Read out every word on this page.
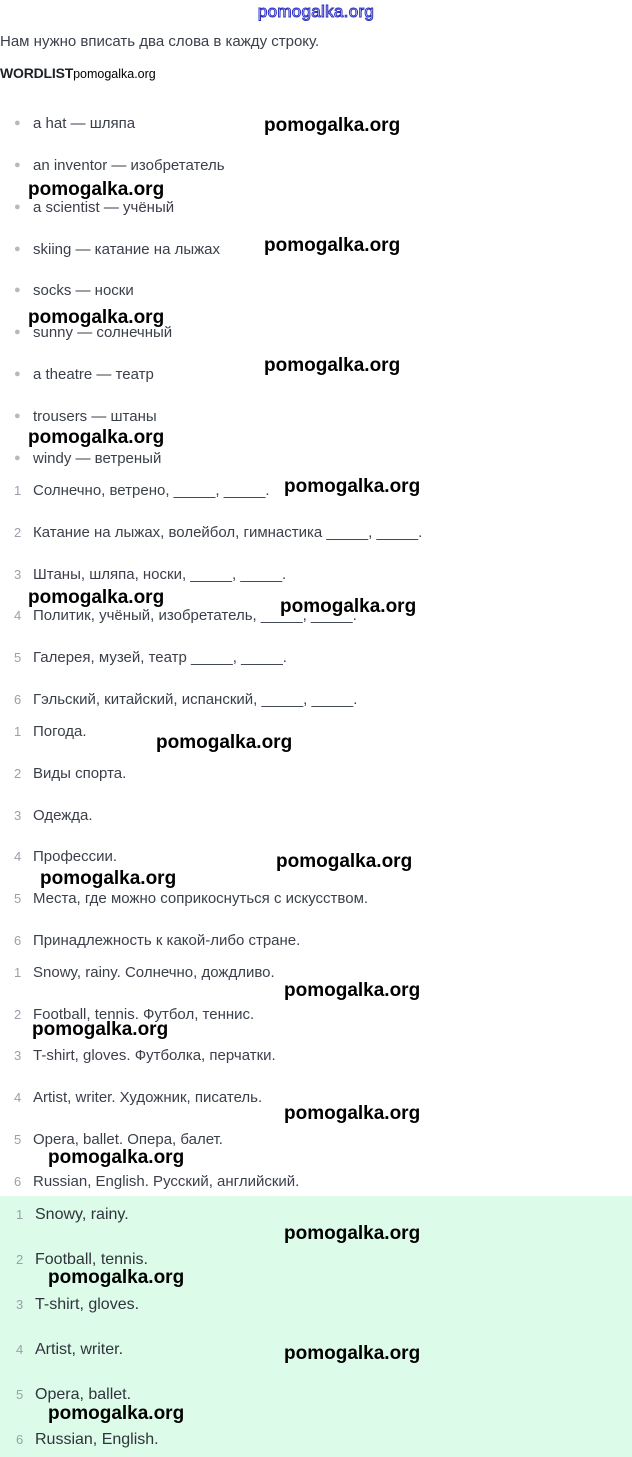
pomogalka.org
Нам нужно вписать два слова в кажду строку.
WORDLISTpomogalka.org
● a hat — шляпа
● an inventor — изобретатель
● a scientist — учёный
● skiing — катание на лыжах
● socks — носки
● sunny — солнечный
● a theatre — театр
● trousers — штаны
● windy — ветреный
1 Солнечно, ветрено, _____, _____.
2 Катание на лыжах, волейбол, гимнастика _____, _____.
3 Штаны, шляпа, носки, _____, _____.
4 Политик, учёный, изобретатель, _____, _____.
5 Галерея, музей, театр _____, _____.
6 Гэльский, китайский, испанский, _____, _____.
1 Погода.
2 Виды спорта.
3 Одежда.
4 Профессии.
5 Места, где можно соприкоснуться с искусством.
6 Принадлежность к какой-либо стране.
1 Snowy, rainy. Солнечно, дождливо.
2 Football, tennis. Футбол, теннис.
3 T-shirt, gloves. Футболка, перчатки.
4 Artist, writer. Художник, писатель.
5 Opera, ballet. Опера, балет.
6 Russian, English. Русский, английский.
1 Snowy, rainy.
2 Football, tennis.
3 T-shirt, gloves.
4 Artist, writer.
5 Opera, ballet.
6 Russian, English.
pomogalka.org
pomogalka.org
pomogalka.org
pomogalka.org
pomogalka.org
pomogalka.org
pomogalka.org
pomogalka.org	pomogalka.org
pomogalka.org
pomogalka.org
pomogalka.org
pomogalka.org
pomogalka.org
pomogalka.org
pomogalka.org
pomogalka.org
pomogalka.org
pomogalka.org
pomogalka.org
